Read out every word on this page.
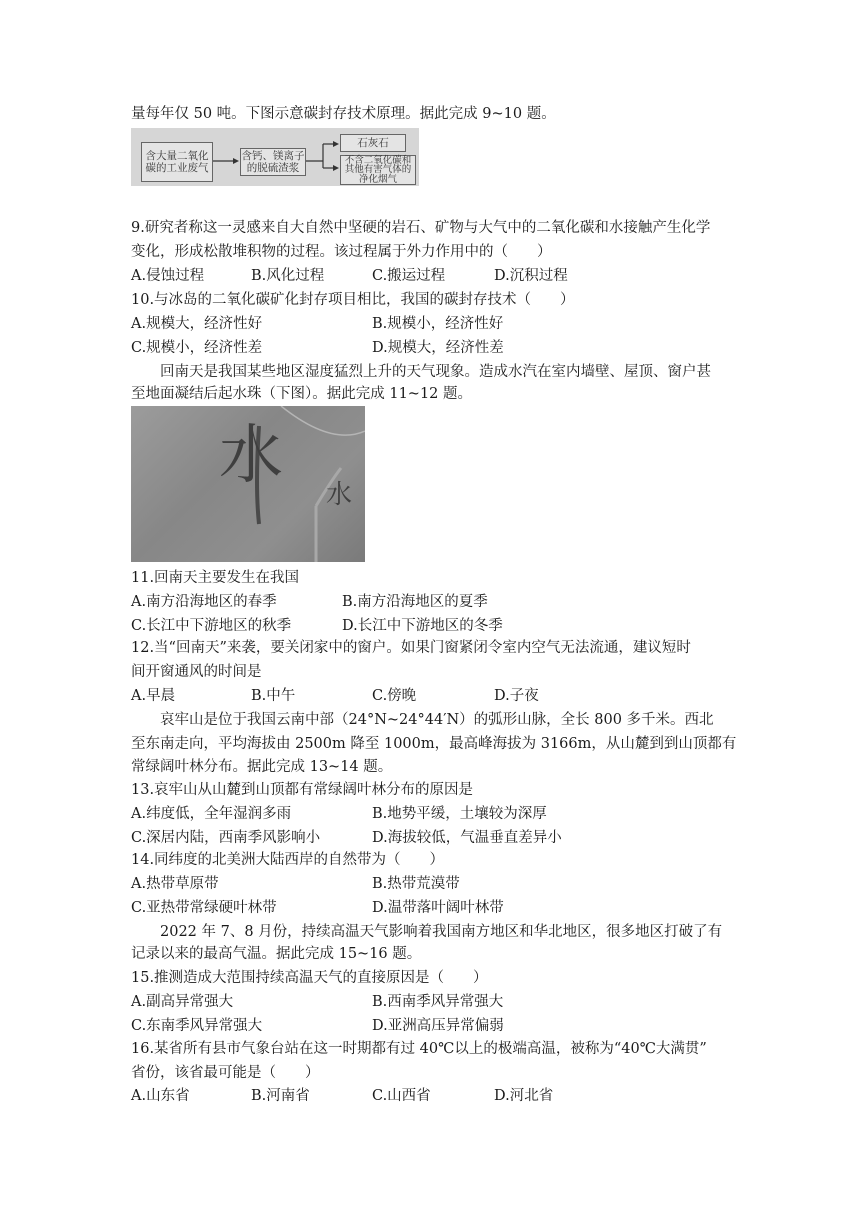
量每年仅 50 吨。下图示意碳封存技术原理。据此完成 9~10 题。
含大量二氧化碳的工业废气
含钙、镁离子的脱硫渣浆
石灰石
不含二氧化碳和其他有害气体的净化烟气
9.研究者称这一灵感来自大自然中坚硬的岩石、矿物与大气中的二氧化碳和水接触产生化学
变化，形成松散堆积物的过程。该过程属于外力作用中的（　　）
A.侵蚀过程	B.风化过程	C.搬运过程	D.沉积过程
10.与冰岛的二氧化碳矿化封存项目相比，我国的碳封存技术（　　）
A.规模大，经济性好	B.规模小，经济性好
C.规模小，经济性差	D.规模大，经济性差
回南天是我国某些地区湿度猛烈上升的天气现象。造成水汽在室内墙壁、屋顶、窗户甚
至地面凝结后起水珠（下图）。据此完成 11~12 题。
水
水
11.回南天主要发生在我国
A.南方沿海地区的春季	B.南方沿海地区的夏季
C.长江中下游地区的秋季	D.长江中下游地区的冬季
12.当“回南天”来袭，要关闭家中的窗户。如果门窗紧闭令室内空气无法流通，建议短时
间开窗通风的时间是
A.早晨	B.中午	C.傍晚	D.子夜
哀牢山是位于我国云南中部（24°N~24°44′N）的弧形山脉，全长 800 多千米。西北
至东南走向，平均海拔由 2500m 降至 1000m，最高峰海拔为 3166m，从山麓到到山顶都有
常绿阔叶林分布。据此完成 13~14 题。
13.哀牢山从山麓到山顶都有常绿阔叶林分布的原因是
A.纬度低，全年湿润多雨	B.地势平缓，土壤较为深厚
C.深居内陆，西南季风影响小	D.海拔较低，气温垂直差异小
14.同纬度的北美洲大陆西岸的自然带为（　　）
A.热带草原带	B.热带荒漠带
C.亚热带常绿硬叶林带	D.温带落叶阔叶林带
2022 年 7、8 月份，持续高温天气影响着我国南方地区和华北地区，很多地区打破了有
记录以来的最高气温。据此完成 15~16 题。
15.推测造成大范围持续高温天气的直接原因是（　　）
A.副高异常强大	B.西南季风异常强大
C.东南季风异常强大	D.亚洲高压异常偏弱
16.某省所有县市气象台站在这一时期都有过 40℃以上的极端高温，被称为“40℃大满贯”
省份，该省最可能是（　　）
A.山东省	B.河南省	C.山西省	D.河北省
